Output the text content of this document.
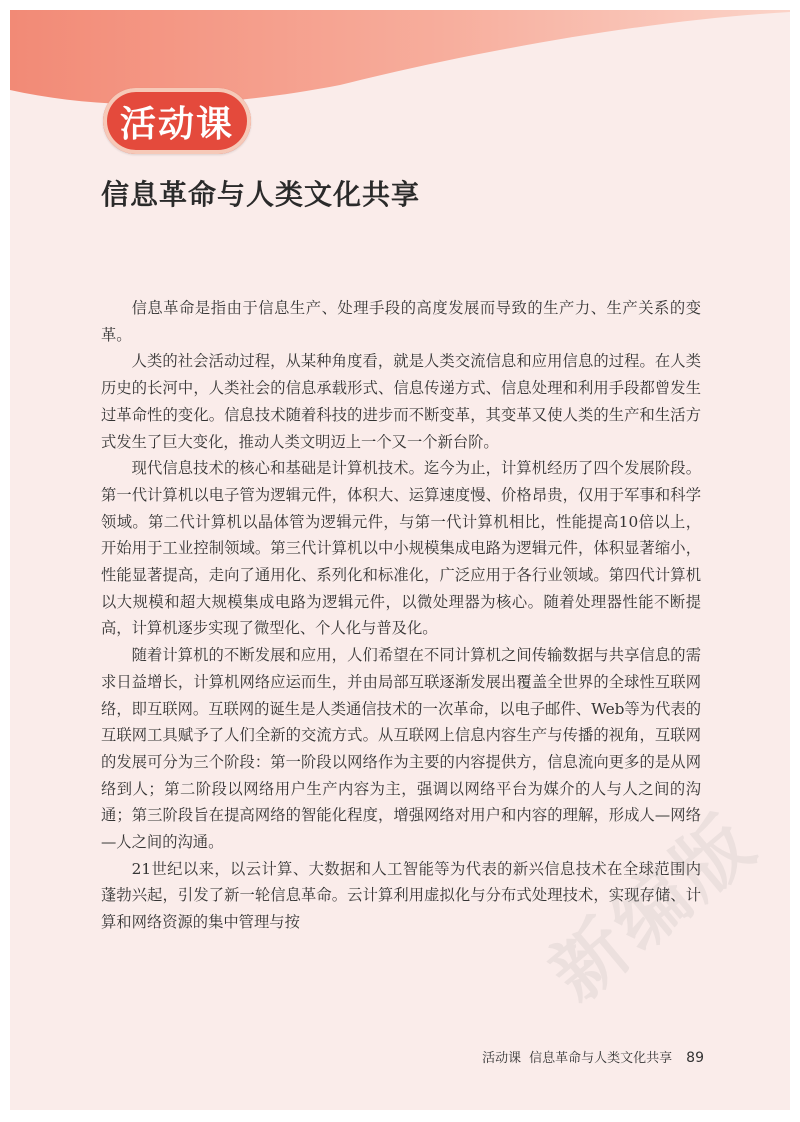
活动课
信息革命与人类文化共享

信息革命是指由于信息生产、处理手段的高度发展而导致的生产力、生产关系的变革。

人类的社会活动过程，从某种角度看，就是人类交流信息和应用信息的过程。在人类历史的长河中，人类社会的信息承载形式、信息传递方式、信息处理和利用手段都曾发生过革命性的变化。信息技术随着科技的进步而不断变革，其变革又使人类的生产和生活方式发生了巨大变化，推动人类文明迈上一个又一个新台阶。

现代信息技术的核心和基础是计算机技术。迄今为止，计算机经历了四个发展阶段。第一代计算机以电子管为逻辑元件，体积大、运算速度慢、价格昂贵，仅用于军事和科学领域。第二代计算机以晶体管为逻辑元件，与第一代计算机相比，性能提高10倍以上，开始用于工业控制领域。第三代计算机以中小规模集成电路为逻辑元件，体积显著缩小，性能显著提高，走向了通用化、系列化和标准化，广泛应用于各行业领域。第四代计算机以大规模和超大规模集成电路为逻辑元件，以微处理器为核心。随着处理器性能不断提高，计算机逐步实现了微型化、个人化与普及化。

随着计算机的不断发展和应用，人们希望在不同计算机之间传输数据与共享信息的需求日益增长，计算机网络应运而生，并由局部互联逐渐发展出覆盖全世界的全球性互联网络，即互联网。互联网的诞生是人类通信技术的一次革命，以电子邮件、Web等为代表的互联网工具赋予了人们全新的交流方式。从互联网上信息内容生产与传播的视角，互联网的发展可分为三个阶段：第一阶段以网络作为主要的内容提供方，信息流向更多的是从网络到人；第二阶段以网络用户生产内容为主，强调以网络平台为媒介的人与人之间的沟通；第三阶段旨在提高网络的智能化程度，增强网络对用户和内容的理解，形成人—网络—人之间的沟通。

21世纪以来，以云计算、大数据和人工智能等为代表的新兴信息技术在全球范围内蓬勃兴起，引发了新一轮信息革命。云计算利用虚拟化与分布式处理技术，实现存储、计算和网络资源的集中管理与按	新编版
活动课 信息革命与人类文化共享 89
